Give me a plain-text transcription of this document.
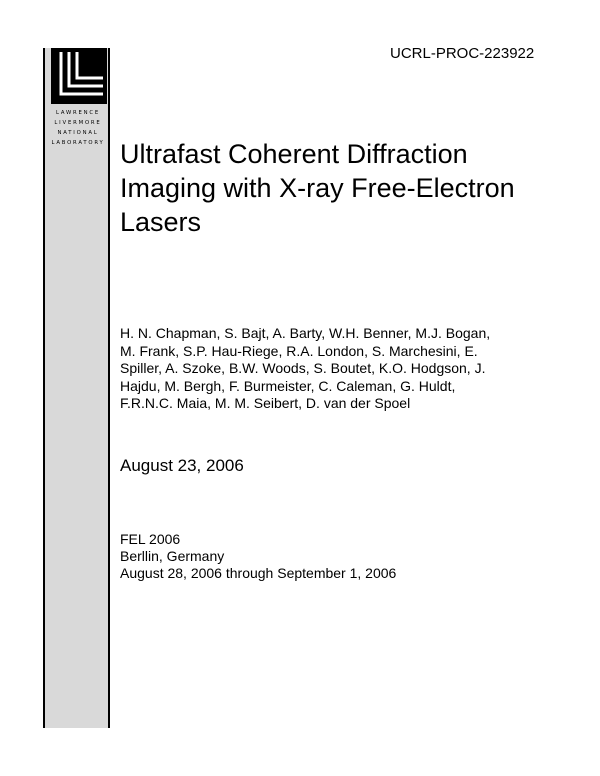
LAWRENCE
LIVERMORE
NATIONAL
LABORATORY
UCRL-PROC-223922
Ultrafast Coherent Diffraction
Imaging with X-ray Free-Electron
Lasers
H. N. Chapman, S. Bajt, A. Barty, W.H. Benner, M.J. Bogan,
M. Frank, S.P. Hau-Riege, R.A. London, S. Marchesini, E.
Spiller, A. Szoke, B.W. Woods, S. Boutet, K.O. Hodgson, J.
Hajdu, M. Bergh, F. Burmeister, C. Caleman, G. Huldt,
F.R.N.C. Maia, M. M. Seibert, D. van der Spoel
August 23, 2006
FEL 2006
Berllin, Germany
August 28, 2006 through September 1, 2006
